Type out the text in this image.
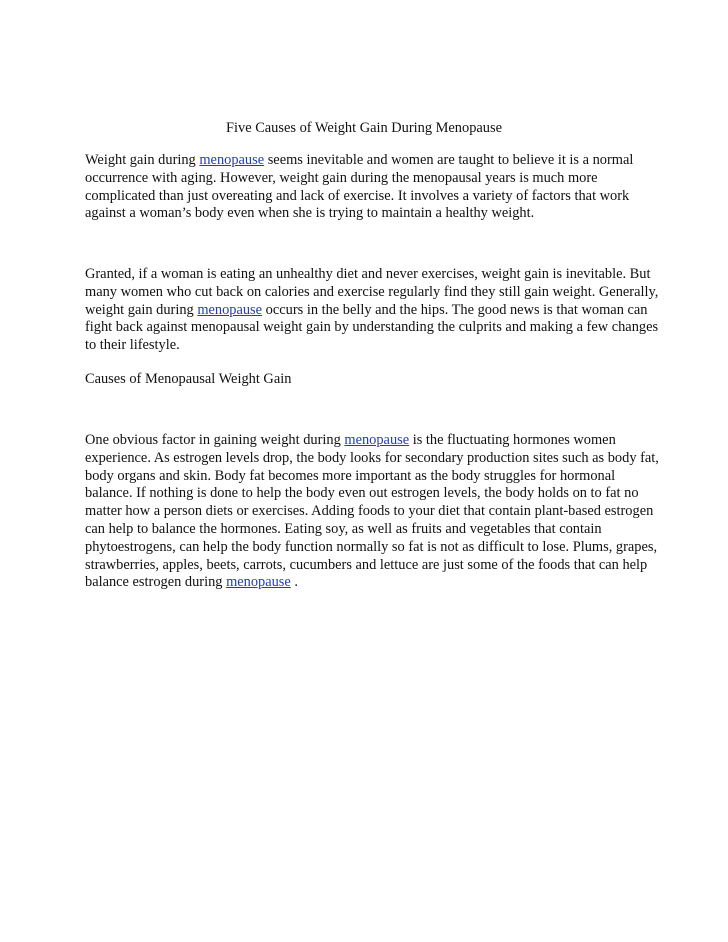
Five Causes of Weight Gain During Menopause

Weight gain during menopause seems inevitable and women are taught to believe it is a normal occurrence with aging. However, weight gain during the menopausal years is much more complicated than just overeating and lack of exercise. It involves a variety of factors that work against a woman’s body even when she is trying to maintain a healthy weight.

Granted, if a woman is eating an unhealthy diet and never exercises, weight gain is inevitable. But many women who cut back on calories and exercise regularly find they still gain weight. Generally, weight gain during menopause occurs in the belly and the hips. The good news is that woman can fight back against menopausal weight gain by understanding the culprits and making a few changes to their lifestyle.

Causes of Menopausal Weight Gain

One obvious factor in gaining weight during menopause is the fluctuating hormones women experience. As estrogen levels drop, the body looks for secondary production sites such as body fat, body organs and skin. Body fat becomes more important as the body struggles for hormonal balance. If nothing is done to help the body even out estrogen levels, the body holds on to fat no matter how a person diets or exercises. Adding foods to your diet that contain plant-based estrogen can help to balance the hormones. Eating soy, as well as fruits and vegetables that contain phytoestrogens, can help the body function normally so fat is not as difficult to lose. Plums, grapes, strawberries, apples, beets, carrots, cucumbers and lettuce are just some of the foods that can help balance estrogen during menopause .
